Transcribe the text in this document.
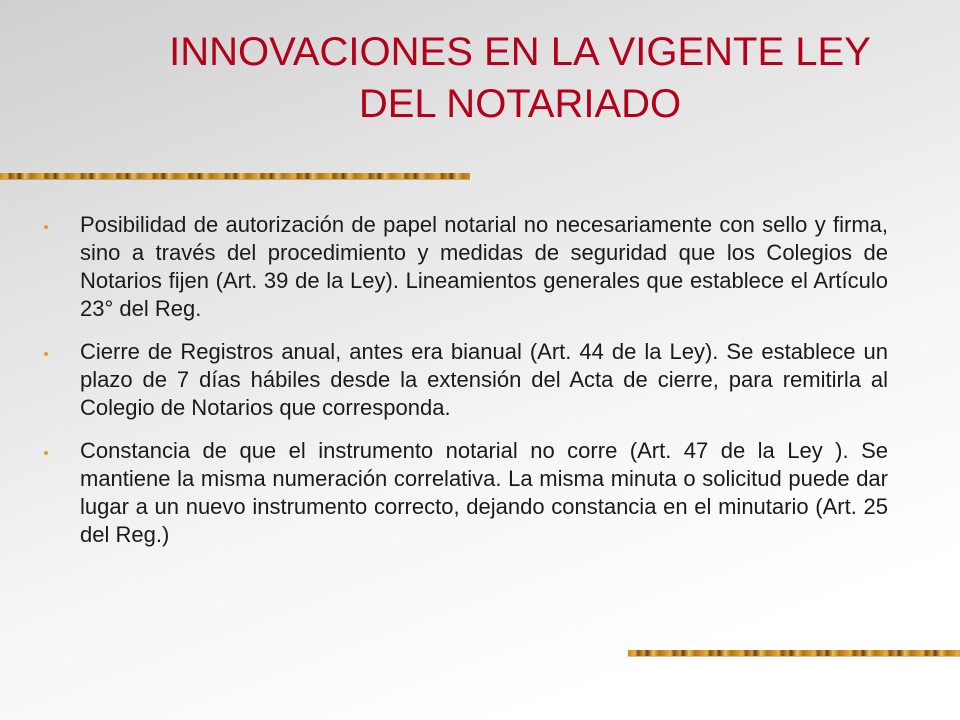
INNOVACIONES EN LA VIGENTE LEY
DEL NOTARIADO
Posibilidad de autorización de papel notarial no necesariamente con sello y firma, sino a través del procedimiento y medidas de seguridad que los Colegios de Notarios fijen (Art. 39 de la Ley). Lineamientos generales que establece el Artículo 23° del Reg.
Cierre de Registros anual, antes era bianual (Art. 44 de la Ley). Se establece un plazo de 7 días hábiles desde la extensión del Acta de cierre, para remitirla al Colegio de Notarios que corresponda.
Constancia de que el instrumento notarial no corre (Art. 47 de la Ley ). Se mantiene la misma numeración correlativa. La misma minuta o solicitud puede dar lugar a un nuevo instrumento correcto, dejando constancia en el minutario (Art. 25 del Reg.)
